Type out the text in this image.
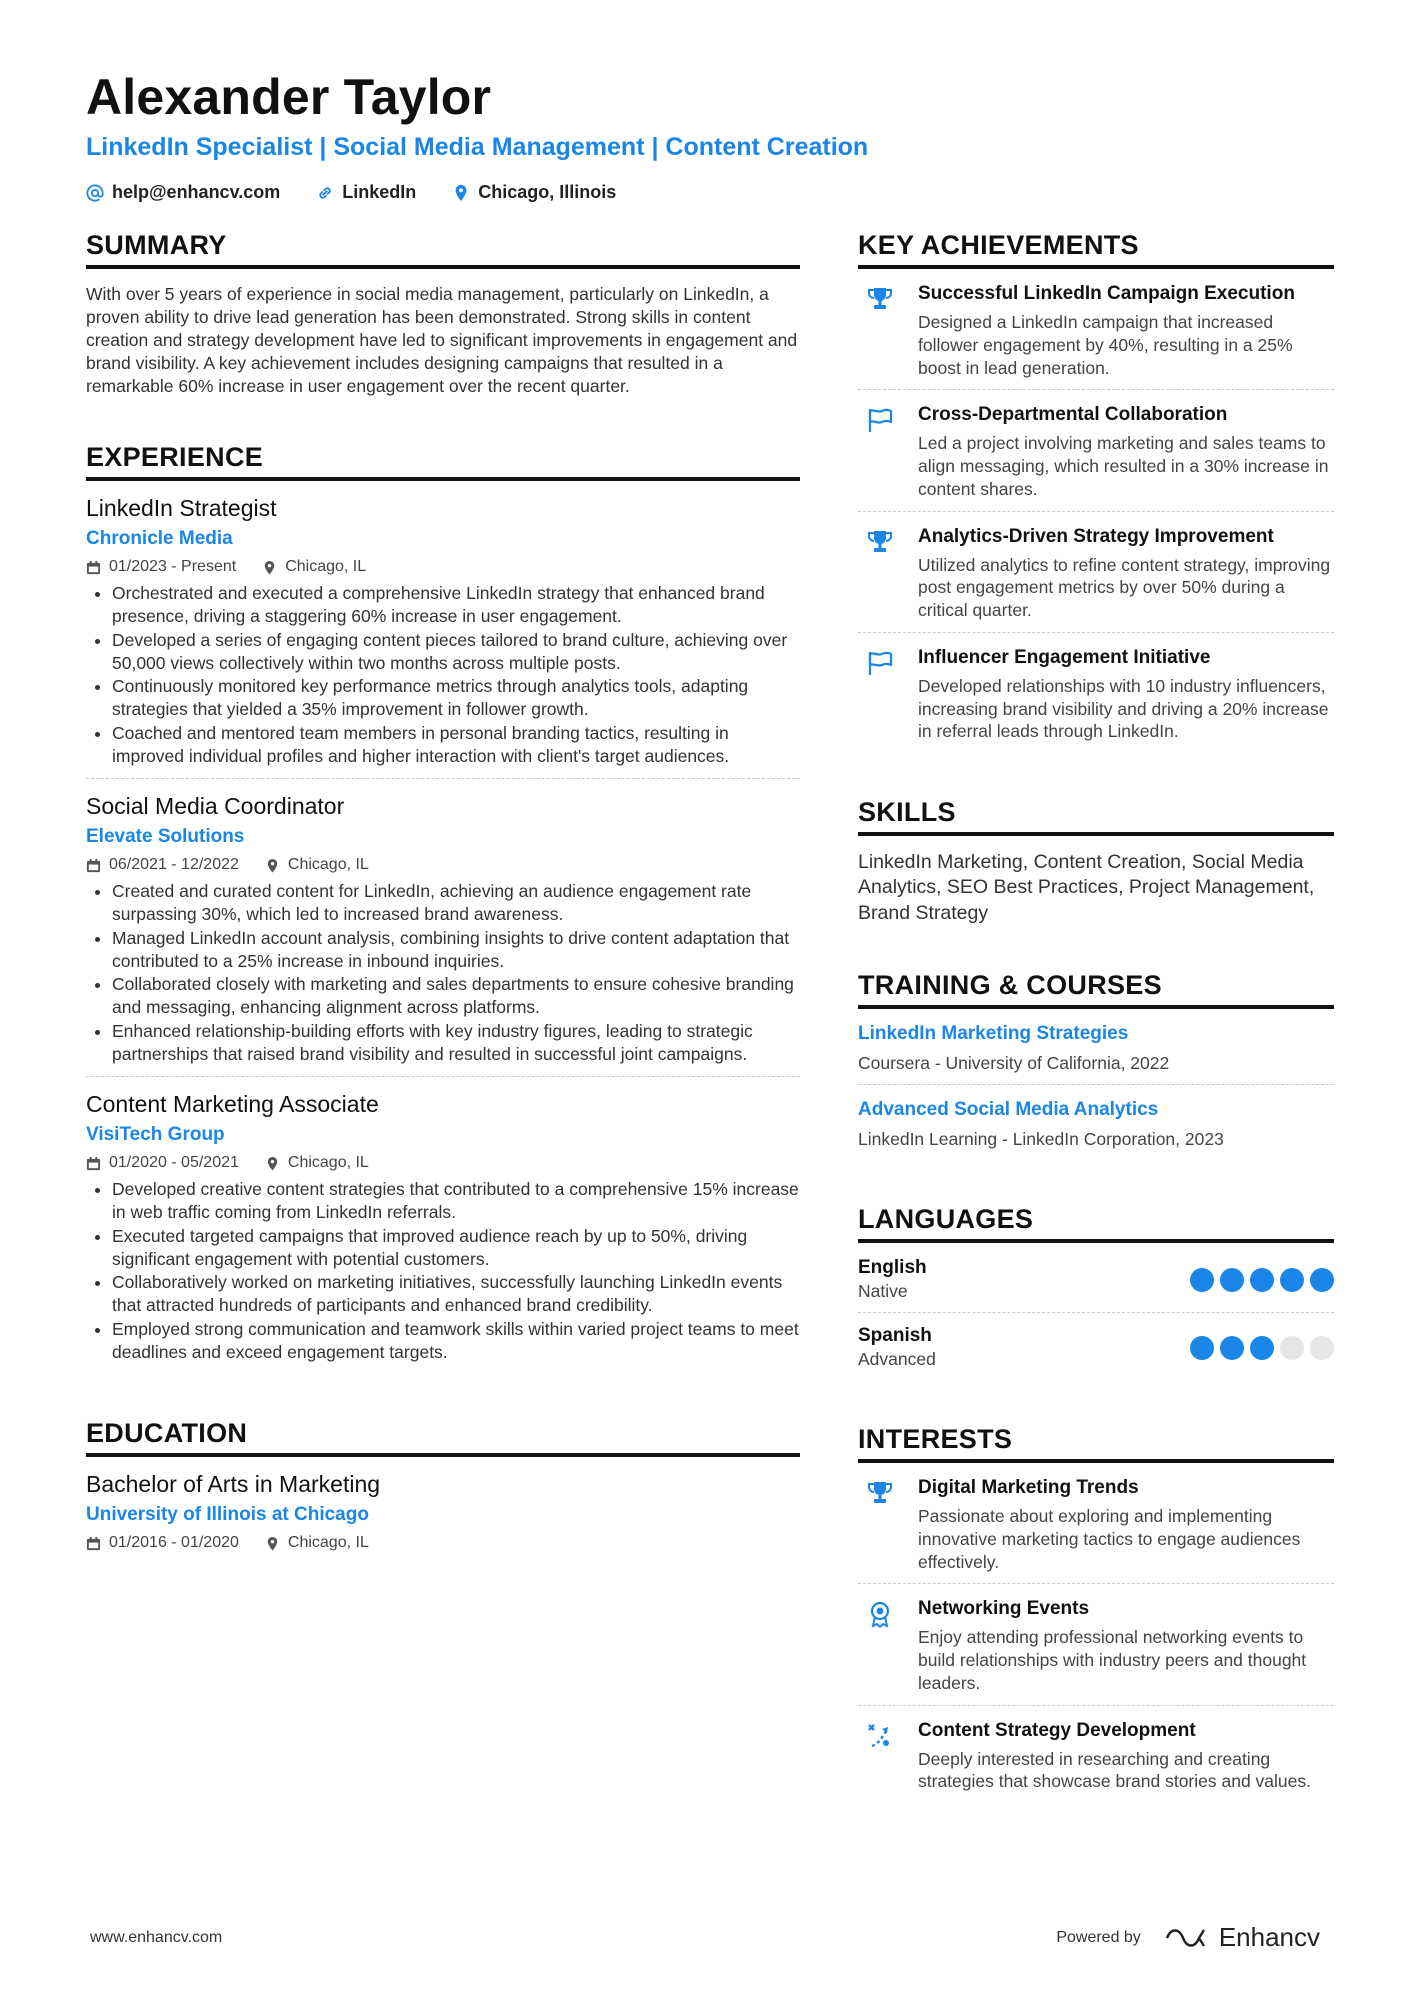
Alexander Taylor
LinkedIn Specialist | Social Media Management | Content Creation
help@enhancv.com	LinkedIn	Chicago, Illinois
SUMMARY
With over 5 years of experience in social media management, particularly on LinkedIn, a proven ability to drive lead generation has been demonstrated. Strong skills in content creation and strategy development have led to significant improvements in engagement and brand visibility. A key achievement includes designing campaigns that resulted in a remarkable 60% increase in user engagement over the recent quarter.
EXPERIENCE
LinkedIn Strategist
Chronicle Media
01/2023 - Present	Chicago, IL
• Orchestrated and executed a comprehensive LinkedIn strategy that enhanced brand presence, driving a staggering 60% increase in user engagement.
• Developed a series of engaging content pieces tailored to brand culture, achieving over 50,000 views collectively within two months across multiple posts.
• Continuously monitored key performance metrics through analytics tools, adapting strategies that yielded a 35% improvement in follower growth.
• Coached and mentored team members in personal branding tactics, resulting in improved individual profiles and higher interaction with client's target audiences.
Social Media Coordinator
Elevate Solutions
06/2021 - 12/2022	Chicago, IL
• Created and curated content for LinkedIn, achieving an audience engagement rate surpassing 30%, which led to increased brand awareness.
• Managed LinkedIn account analysis, combining insights to drive content adaptation that contributed to a 25% increase in inbound inquiries.
• Collaborated closely with marketing and sales departments to ensure cohesive branding and messaging, enhancing alignment across platforms.
• Enhanced relationship-building efforts with key industry figures, leading to strategic partnerships that raised brand visibility and resulted in successful joint campaigns.
Content Marketing Associate
VisiTech Group
01/2020 - 05/2021	Chicago, IL
• Developed creative content strategies that contributed to a comprehensive 15% increase in web traffic coming from LinkedIn referrals.
• Executed targeted campaigns that improved audience reach by up to 50%, driving significant engagement with potential customers.
• Collaboratively worked on marketing initiatives, successfully launching LinkedIn events that attracted hundreds of participants and enhanced brand credibility.
• Employed strong communication and teamwork skills within varied project teams to meet deadlines and exceed engagement targets.
EDUCATION
Bachelor of Arts in Marketing
University of Illinois at Chicago
01/2016 - 01/2020	Chicago, IL
KEY ACHIEVEMENTS
Successful LinkedIn Campaign Execution
Designed a LinkedIn campaign that increased follower engagement by 40%, resulting in a 25% boost in lead generation.
Cross-Departmental Collaboration
Led a project involving marketing and sales teams to align messaging, which resulted in a 30% increase in content shares.
Analytics-Driven Strategy Improvement
Utilized analytics to refine content strategy, improving post engagement metrics by over 50% during a critical quarter.
Influencer Engagement Initiative
Developed relationships with 10 industry influencers, increasing brand visibility and driving a 20% increase in referral leads through LinkedIn.
SKILLS
LinkedIn Marketing, Content Creation, Social Media Analytics, SEO Best Practices, Project Management, Brand Strategy
TRAINING & COURSES
LinkedIn Marketing Strategies
Coursera - University of California, 2022
Advanced Social Media Analytics
LinkedIn Learning - LinkedIn Corporation, 2023
LANGUAGES
English
Native
Spanish
Advanced
INTERESTS
Digital Marketing Trends
Passionate about exploring and implementing innovative marketing tactics to engage audiences effectively.
Networking Events
Enjoy attending professional networking events to build relationships with industry peers and thought leaders.
Content Strategy Development
Deeply interested in researching and creating strategies that showcase brand stories and values.
www.enhancv.com	Powered by	Enhancv
